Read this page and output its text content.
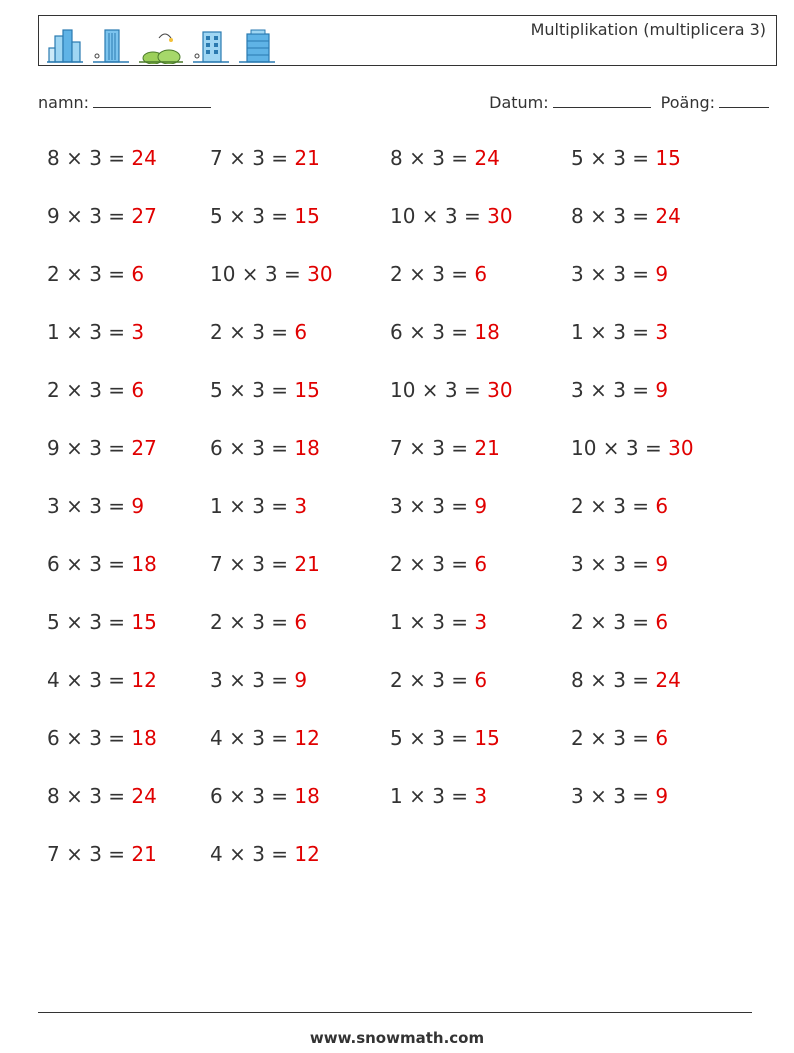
Multiplikation (multiplicera 3)
namn:	Datum:	Poäng:
8 × 3 = 24	7 × 3 = 21	8 × 3 = 24	5 × 3 = 15
9 × 3 = 27	5 × 3 = 15	10 × 3 = 30	8 × 3 = 24
2 × 3 = 6	10 × 3 = 30	2 × 3 = 6	3 × 3 = 9
1 × 3 = 3	2 × 3 = 6	6 × 3 = 18	1 × 3 = 3
2 × 3 = 6	5 × 3 = 15	10 × 3 = 30	3 × 3 = 9
9 × 3 = 27	6 × 3 = 18	7 × 3 = 21	10 × 3 = 30
3 × 3 = 9	1 × 3 = 3	3 × 3 = 9	2 × 3 = 6
6 × 3 = 18	7 × 3 = 21	2 × 3 = 6	3 × 3 = 9
5 × 3 = 15	2 × 3 = 6	1 × 3 = 3	2 × 3 = 6
4 × 3 = 12	3 × 3 = 9	2 × 3 = 6	8 × 3 = 24
6 × 3 = 18	4 × 3 = 12	5 × 3 = 15	2 × 3 = 6
8 × 3 = 24	6 × 3 = 18	1 × 3 = 3	3 × 3 = 9
7 × 3 = 21	4 × 3 = 12
www.snowmath.com
